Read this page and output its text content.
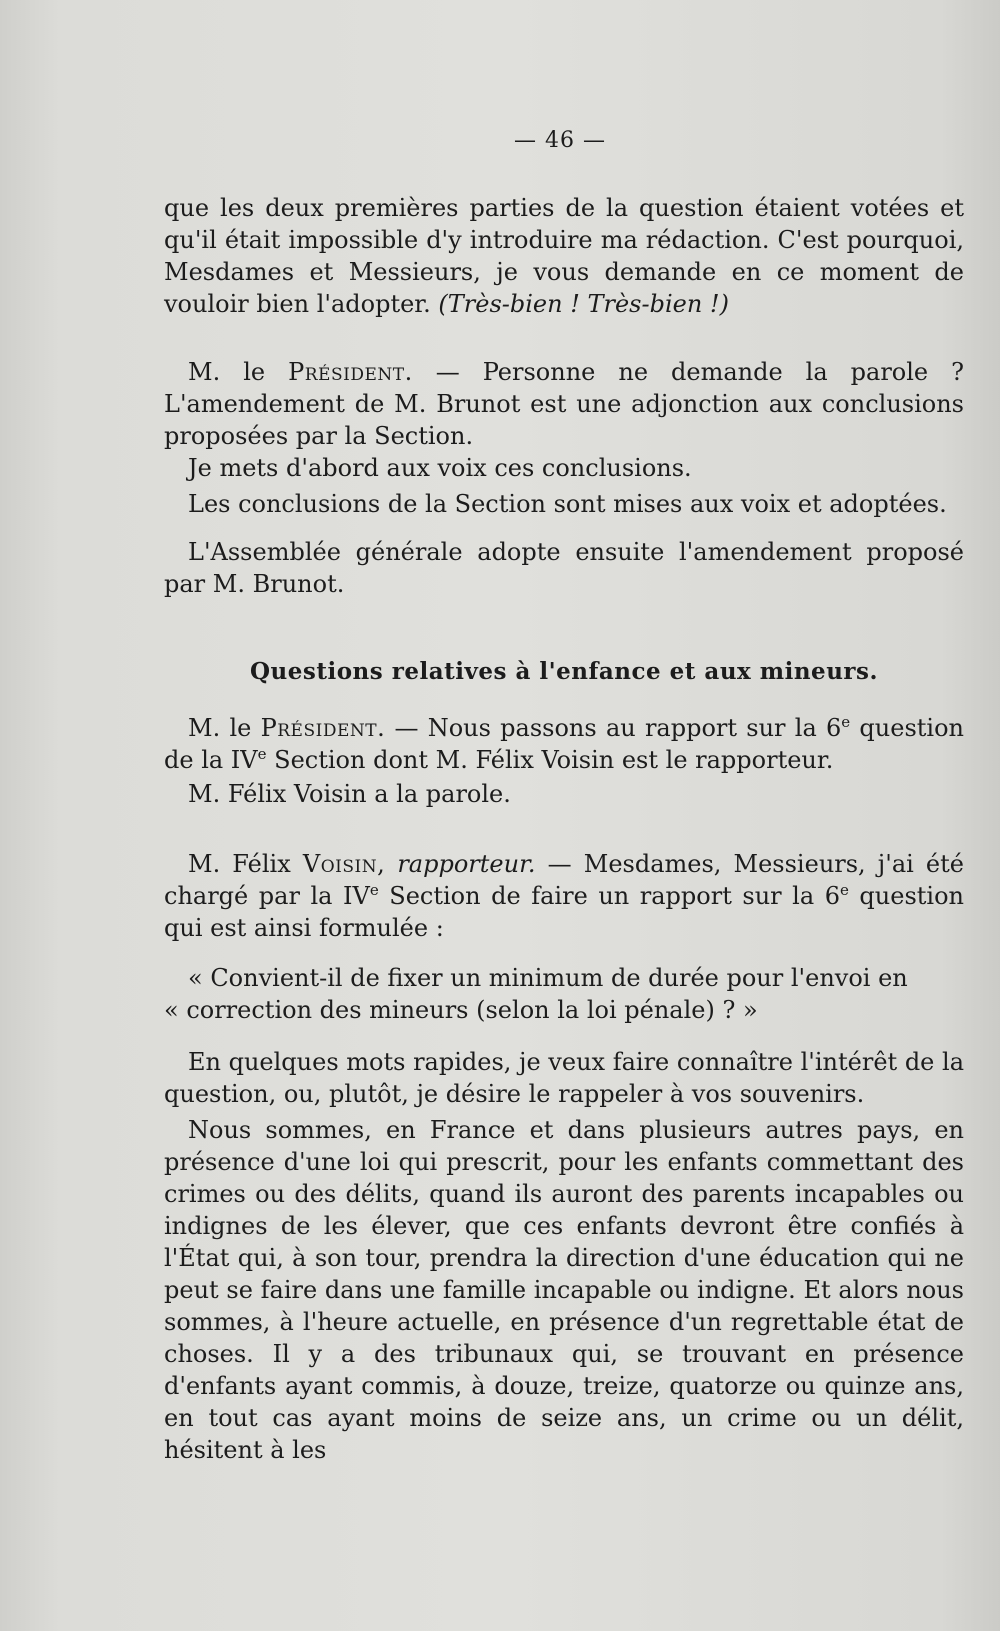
— 46 —

que les deux premières parties de la question étaient votées et qu'il était impossible d'y introduire ma rédaction. C'est pourquoi, Mesdames et Messieurs, je vous demande en ce moment de vouloir bien l'adopter. (Très-bien ! Très-bien !)

M. le Président. — Personne ne demande la parole ? L'amendement de M. Brunot est une adjonction aux conclusions proposées par la Section.

Je mets d'abord aux voix ces conclusions.

Les conclusions de la Section sont mises aux voix et adoptées.

L'Assemblée générale adopte ensuite l'amendement proposé par M. Brunot.

Questions relatives à l'enfance et aux mineurs.

M. le Président. — Nous passons au rapport sur la 6e question de la IVe Section dont M. Félix Voisin est le rapporteur.

M. Félix Voisin a la parole.

M. Félix Voisin, rapporteur. — Mesdames, Messieurs, j'ai été chargé par la IVe Section de faire un rapport sur la 6e question qui est ainsi formulée :

« Convient-il de fixer un minimum de durée pour l'envoi en

« correction des mineurs (selon la loi pénale) ? »

En quelques mots rapides, je veux faire connaître l'intérêt de la question, ou, plutôt, je désire le rappeler à vos souvenirs.

Nous sommes, en France et dans plusieurs autres pays, en présence d'une loi qui prescrit, pour les enfants commettant des crimes ou des délits, quand ils auront des parents incapables ou indignes de les élever, que ces enfants devront être confiés à l'État qui, à son tour, prendra la direction d'une éducation qui ne peut se faire dans une famille incapable ou indigne. Et alors nous sommes, à l'heure actuelle, en présence d'un regrettable état de choses. Il y a des tribunaux qui, se trouvant en présence d'enfants ayant commis, à douze, treize, quatorze ou quinze ans, en tout cas ayant moins de seize ans, un crime ou un délit, hésitent à les
